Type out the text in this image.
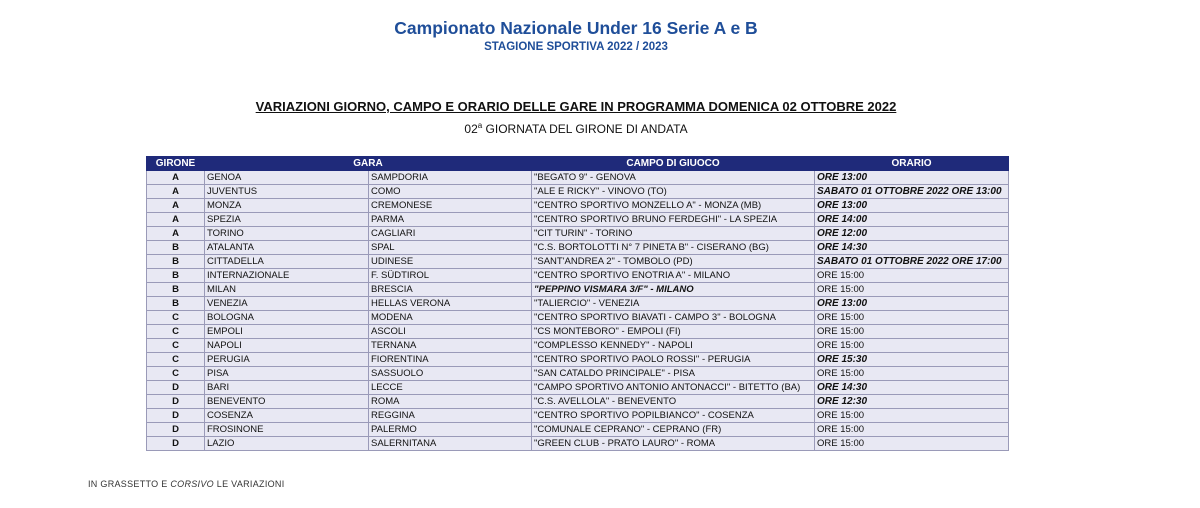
Campionato Nazionale Under 16 Serie A e B
STAGIONE SPORTIVA 2022 / 2023
VARIAZIONI GIORNO, CAMPO E ORARIO DELLE GARE IN PROGRAMMA DOMENICA 02 OTTOBRE 2022
02$^a$ GIORNATA DEL GIRONE DI ANDATA
GIRONE	GARA		CAMPO DI GIUOCO	ORARIO
A	GENOA	SAMPDORIA	"BEGATO 9" - GENOVA	ORE 13:00
A	JUVENTUS	COMO	"ALE E RICKY" - VINOVO (TO)	SABATO 01 OTTOBRE 2022 ORE 13:00
A	MONZA	CREMONESE	"CENTRO SPORTIVO MONZELLO A" - MONZA (MB)	ORE 13:00
A	SPEZIA	PARMA	"CENTRO SPORTIVO BRUNO FERDEGHI" - LA SPEZIA	ORE 14:00
A	TORINO	CAGLIARI	"CIT TURIN" - TORINO	ORE 12:00
B	ATALANTA	SPAL	"C.S. BORTOLOTTI N° 7 PINETA B" - CISERANO (BG)	ORE 14:30
B	CITTADELLA	UDINESE	"SANT'ANDREA 2" - TOMBOLO (PD)	SABATO 01 OTTOBRE 2022 ORE 17:00
B	INTERNAZIONALE	F. SÜDTIROL	"CENTRO SPORTIVO ENOTRIA A" - MILANO	ORE 15:00
B	MILAN	BRESCIA	"PEPPINO VISMARA 3/F" - MILANO	ORE 15:00
B	VENEZIA	HELLAS VERONA	"TALIERCIO" - VENEZIA	ORE 13:00
C	BOLOGNA	MODENA	"CENTRO SPORTIVO BIAVATI - CAMPO 3" - BOLOGNA	ORE 15:00
C	EMPOLI	ASCOLI	"CS MONTEBORO" - EMPOLI (FI)	ORE 15:00
C	NAPOLI	TERNANA	"COMPLESSO KENNEDY" - NAPOLI	ORE 15:00
C	PERUGIA	FIORENTINA	"CENTRO SPORTIVO PAOLO ROSSI" - PERUGIA	ORE 15:30
C	PISA	SASSUOLO	"SAN CATALDO PRINCIPALE" - PISA	ORE 15:00
D	BARI	LECCE	"CAMPO SPORTIVO ANTONIO ANTONACCI" - BITETTO (BA)	ORE 14:30
D	BENEVENTO	ROMA	"C.S. AVELLOLA" - BENEVENTO	ORE 12:30
D	COSENZA	REGGINA	"CENTRO SPORTIVO POPILBIANCO" - COSENZA	ORE 15:00
D	FROSINONE	PALERMO	"COMUNALE CEPRANO" - CEPRANO (FR)	ORE 15:00
D	LAZIO	SALERNITANA	"GREEN CLUB - PRATO LAURO" - ROMA	ORE 15:00
IN GRASSETTO E CORSIVO LE VARIAZIONI
